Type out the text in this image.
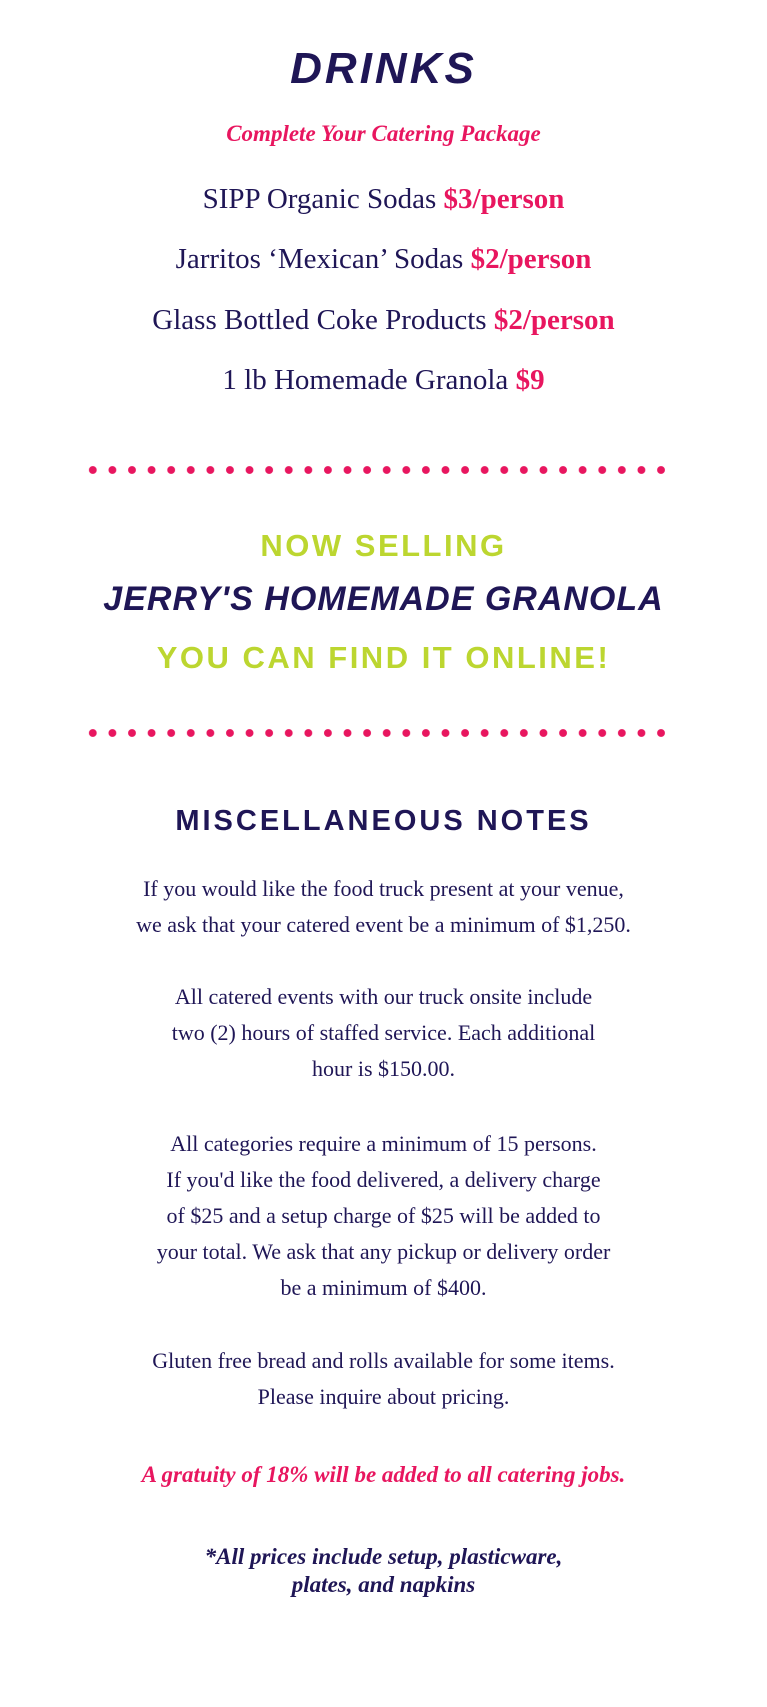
DRINKS
Complete Your Catering Package
SIPP Organic Sodas $3/person
Jarritos ‘Mexican’ Sodas $2/person
Glass Bottled Coke Products $2/person
1 lb Homemade Granola $9
NOW SELLING
JERRY'S HOMEMADE GRANOLA
YOU CAN FIND IT ONLINE!
MISCELLANEOUS NOTES
If you would like the food truck present at your venue,
we ask that your catered event be a minimum of $1,250.
All catered events with our truck onsite include
two (2) hours of staffed service. Each additional
hour is $150.00.
All categories require a minimum of 15 persons.
If you'd like the food delivered, a delivery charge
of $25 and a setup charge of $25 will be added to
your total. We ask that any pickup or delivery order
be a minimum of $400.
Gluten free bread and rolls available for some items.
Please inquire about pricing.
A gratuity of 18% will be added to all catering jobs.
*All prices include setup, plasticware,
plates, and napkins
